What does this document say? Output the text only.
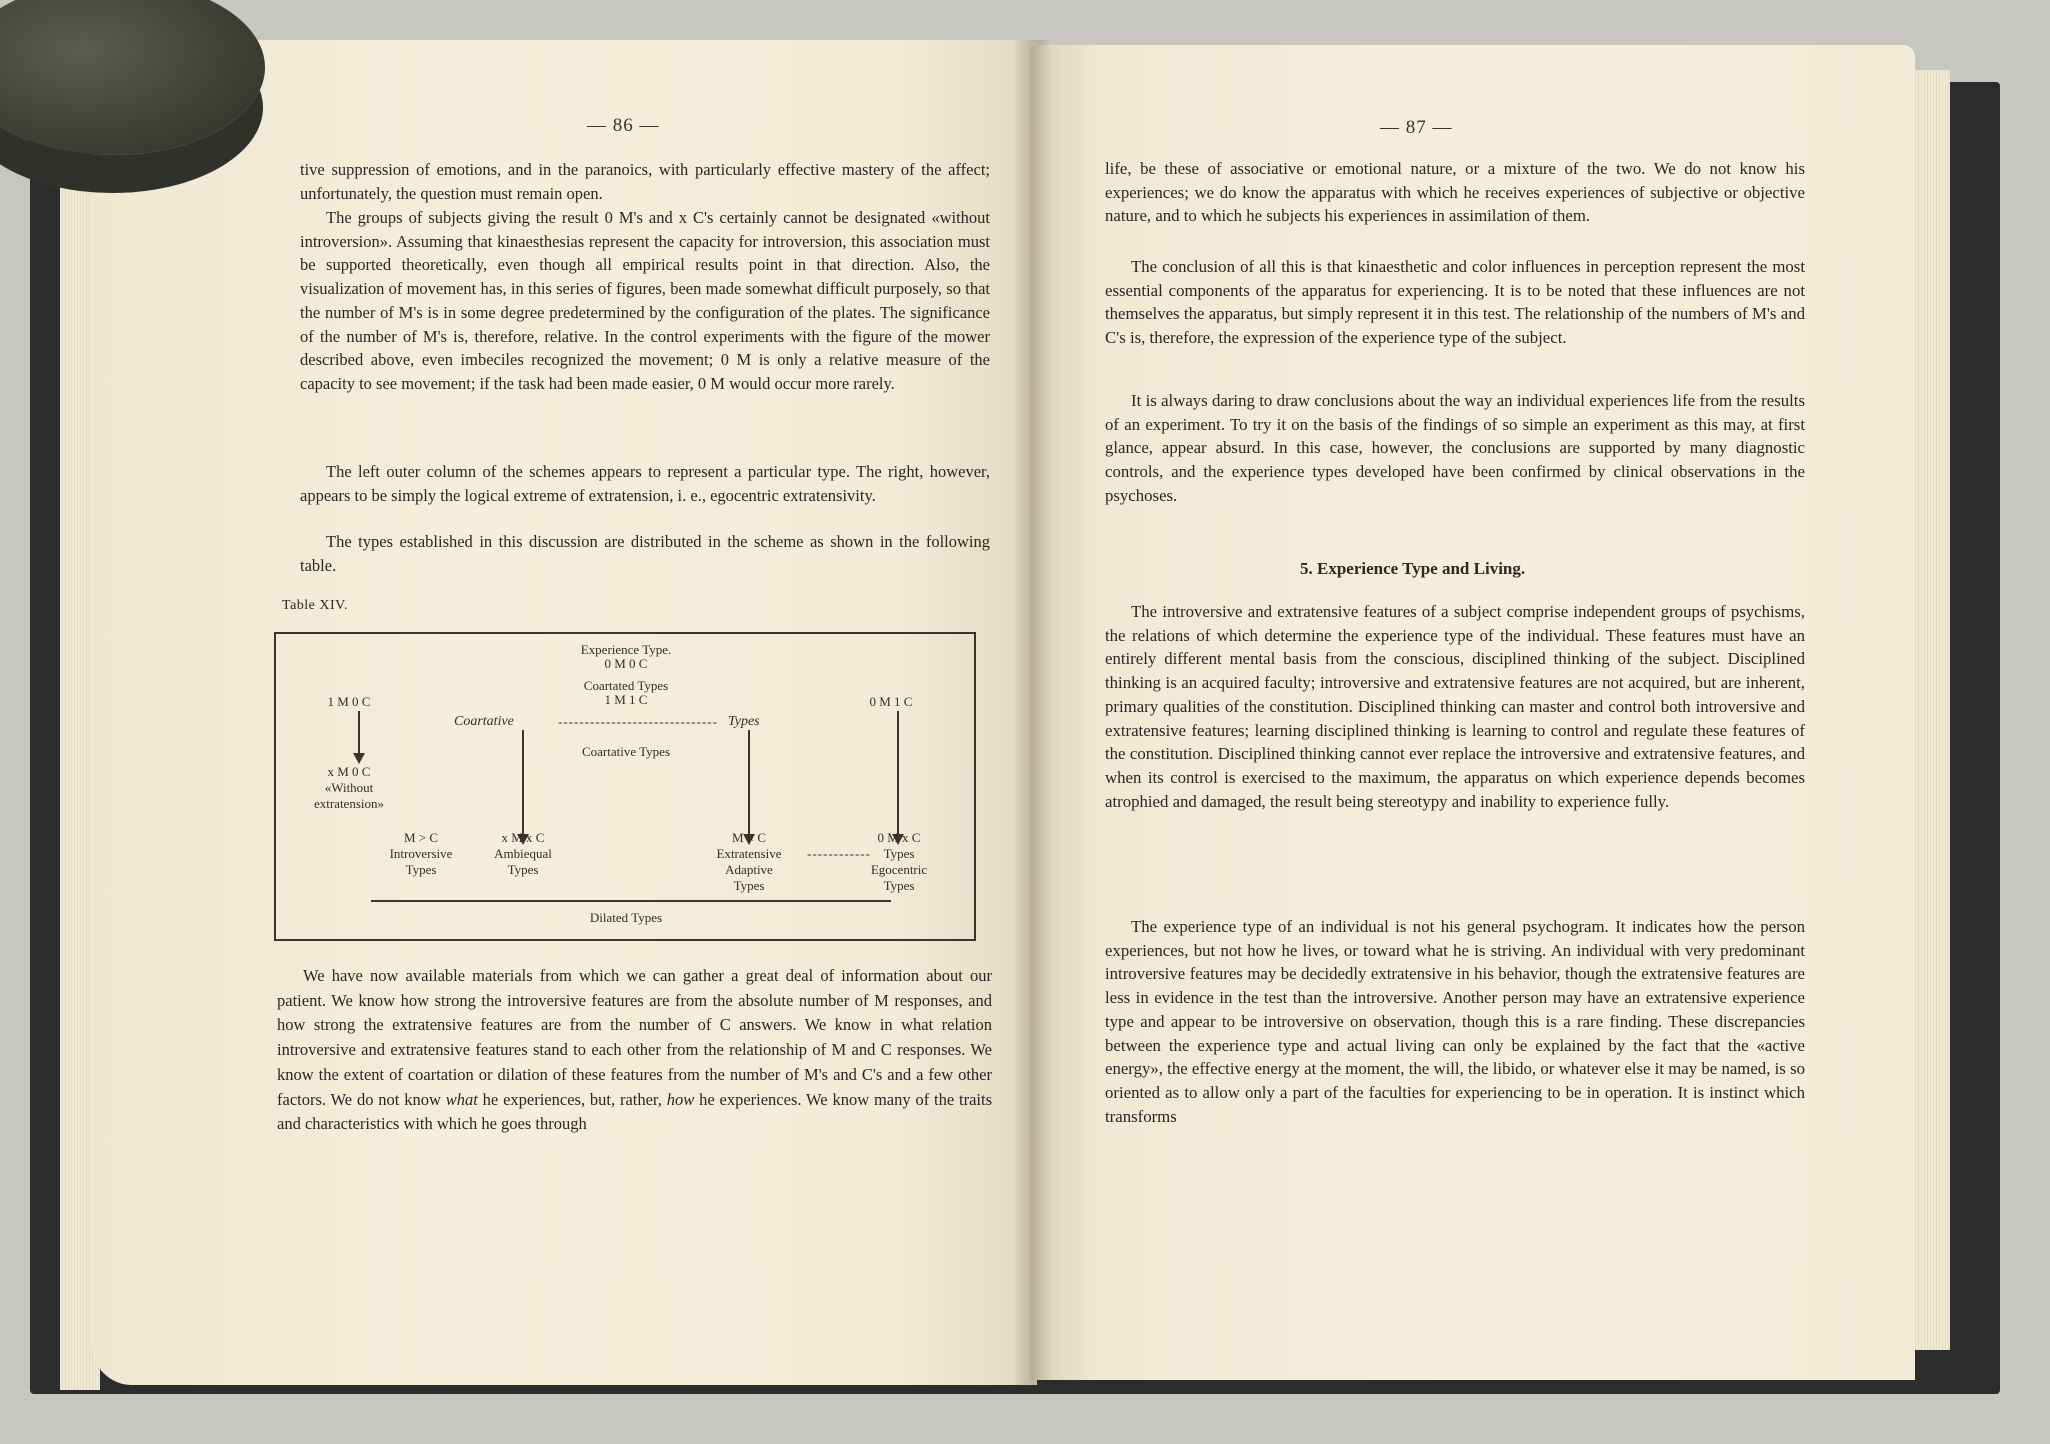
— 86 —

tive suppression of emotions, and in the paranoics, with particularly effective mastery of the affect; unfortunately, the question must remain open.

The groups of subjects giving the result 0 M's and x C's certainly cannot be designated «without introversion». Assuming that kinaesthesias represent the capacity for introversion, this association must be supported theoretically, even though all empirical results point in that direction. Also, the visualization of movement has, in this series of figures, been made somewhat difficult purposely, so that the number of M's is in some degree predetermined by the configuration of the plates. The significance of the number of M's is, therefore, relative. In the control experiments with the figure of the mower described above, even imbeciles recognized the movement; 0 M is only a relative measure of the capacity to see movement; if the task had been made easier, 0 M would occur more rarely.

The left outer column of the schemes appears to represent a particular type. The right, however, appears to be simply the logical extreme of extratension, i. e., egocentric extratensivity.

The types established in this discussion are distributed in the scheme as shown in the following table.

Table XIV.

Experience Type.

0 M 0 C

Coartated Types

1 M 1 C

1 M 0 C	0 M 1 C

Coartative	------------------------------ Types

Coartative Types

x M 0 C

«Without

extratension»

M > C

Introversive

Types

x M x C

Ambiequal

Types

M < C

Extratensive	------------

Adaptive

Types

0 M x C

Types

Egocentric

Types

Dilated Types

We have now available materials from which we can gather a great deal of information about our patient. We know how strong the introversive features are from the absolute number of M responses, and how strong the extratensive features are from the number of C answers. We know in what relation introversive and extratensive features stand to each other from the relationship of M and C responses. We know the extent of coartation or dilation of these features from the number of M's and C's and a few other factors. We do not know what he experiences, but, rather, how he experiences. We know many of the traits and characteristics with which he goes through

— 87 —

life, be these of associative or emotional nature, or a mixture of the two. We do not know his experiences; we do know the apparatus with which he receives experiences of subjective or objective nature, and to which he subjects his experiences in assimilation of them.

The conclusion of all this is that kinaesthetic and color influences in perception represent the most essential components of the apparatus for experiencing. It is to be noted that these influences are not themselves the apparatus, but simply represent it in this test. The relationship of the numbers of M's and C's is, therefore, the expression of the experience type of the subject.

It is always daring to draw conclusions about the way an individual experiences life from the results of an experiment. To try it on the basis of the findings of so simple an experiment as this may, at first glance, appear absurd. In this case, however, the conclusions are supported by many diagnostic controls, and the experience types developed have been confirmed by clinical observations in the psychoses.

5. Experience Type and Living.

The introversive and extratensive features of a subject comprise independent groups of psychisms, the relations of which determine the experience type of the individual. These features must have an entirely different mental basis from the conscious, disciplined thinking of the subject. Disciplined thinking is an acquired faculty; introversive and extratensive features are not acquired, but are inherent, primary qualities of the constitution. Disciplined thinking can master and control both introversive and extratensive features; learning disciplined thinking is learning to control and regulate these features of the constitution. Disciplined thinking cannot ever replace the introversive and extratensive features, and when its control is exercised to the maximum, the apparatus on which experience depends becomes atrophied and damaged, the result being stereotypy and inability to experience fully.

The experience type of an individual is not his general psychogram. It indicates how the person experiences, but not how he lives, or toward what he is striving. An individual with very predominant introversive features may be decidedly extratensive in his behavior, though the extratensive features are less in evidence in the test than the introversive. Another person may have an extratensive experience type and appear to be introversive on observation, though this is a rare finding. These discrepancies between the experience type and actual living can only be explained by the fact that the «active energy», the effective energy at the moment, the will, the libido, or whatever else it may be named, is so oriented as to allow only a part of the faculties for experiencing to be in operation. It is instinct which transforms
